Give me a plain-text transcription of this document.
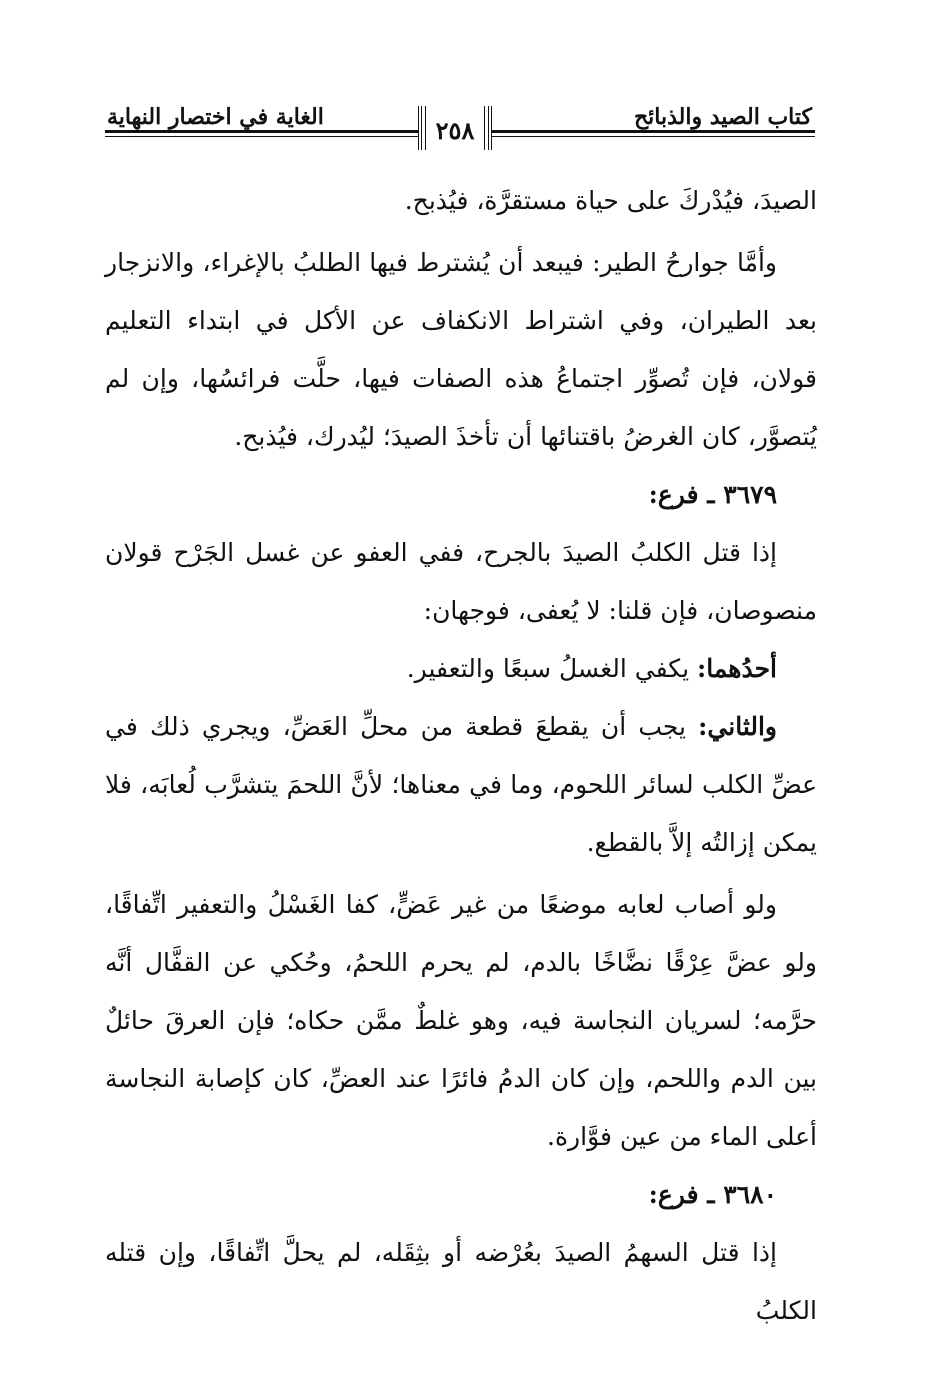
كتاب الصيد والذبائح
الغاية في اختصار النهاية	٢٥٨

الصيدَ، فيُدْركَ على حياة مستقرَّة، فيُذبح.

وأمَّا جوارحُ الطير: فيبعد أن يُشترط فيها الطلبُ بالإغراء، والانزجار بعد الطيران، وفي اشتراط الانكفاف عن الأكل في ابتداء التعليم قولان، فإن تُصوِّر اجتماعُ هذه الصفات فيها، حلَّت فرائسُها، وإن لم يُتصوَّر، كان الغرضُ باقتنائها أن تأخذَ الصيدَ؛ ليُدرك، فيُذبح.

٣٦٧٩ ـ فرع:

إذا قتل الكلبُ الصيدَ بالجرح، ففي العفو عن غسل الجَرْح قولان منصوصان، فإن قلنا: لا يُعفى، فوجهان:

أحدُهما: يكفي الغسلُ سبعًا والتعفير.

والثاني: يجب أن يقطعَ قطعة من محلِّ العَضِّ، ويجري ذلك في عضِّ الكلب لسائر اللحوم، وما في معناها؛ لأنَّ اللحمَ يتشرَّب لُعابَه، فلا يمكن إزالتُه إلاَّ بالقطع.

ولو أصاب لعابه موضعًا من غير عَضٍّ، كفا الغَسْلُ والتعفير اتِّفاقًا، ولو عضَّ عِرْقًا نضَّاخًا بالدم، لم يحرم اللحمُ، وحُكي عن القفَّال أنَّه حرَّمه؛ لسريان النجاسة فيه، وهو غلطٌ ممَّن حكاه؛ فإن العرقَ حائلٌ بين الدم واللحم، وإن كان الدمُ فائرًا عند العضِّ، كان كإصابة النجاسة أعلى الماء من عين فوَّارة.

٣٦٨٠ ـ فرع:

إذا قتل السهمُ الصيدَ بعُرْضه أو بثِقَله، لم يحلَّ اتِّفاقًا، وإن قتله الكلبُ
